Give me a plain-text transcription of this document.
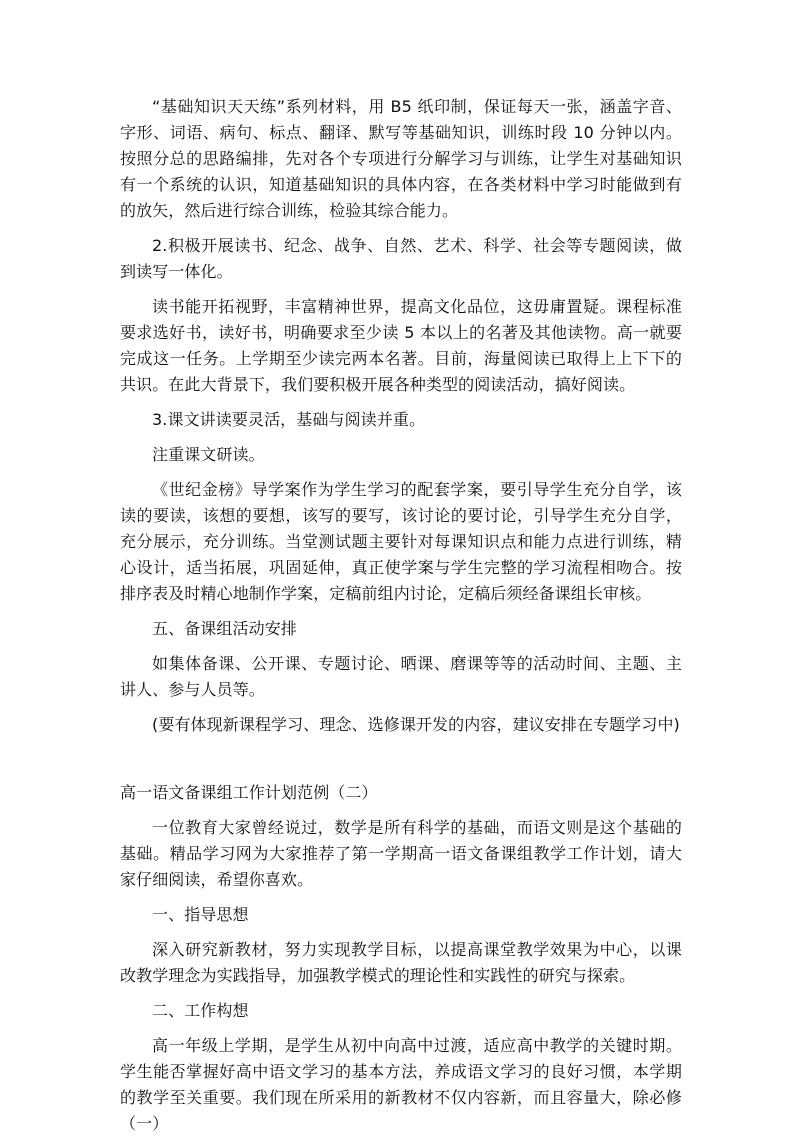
“基础知识天天练”系列材料，用 B5 纸印制，保证每天一张，涵盖字音、字形、词语、病句、标点、翻译、默写等基础知识，训练时段 10 分钟以内。按照分总的思路编排，先对各个专项进行分解学习与训练，让学生对基础知识有一个系统的认识，知道基础知识的具体内容，在各类材料中学习时能做到有的放矢，然后进行综合训练，检验其综合能力。

2.积极开展读书、纪念、战争、自然、艺术、科学、社会等专题阅读，做到读写一体化。

读书能开拓视野，丰富精神世界，提高文化品位，这毋庸置疑。课程标准要求选好书，读好书，明确要求至少读 5 本以上的名著及其他读物。高一就要完成这一任务。上学期至少读完两本名著。目前，海量阅读已取得上上下下的共识。在此大背景下，我们要积极开展各种类型的阅读活动，搞好阅读。

3.课文讲读要灵活，基础与阅读并重。

注重课文研读。

《世纪金榜》导学案作为学生学习的配套学案，要引导学生充分自学，该读的要读，该想的要想，该写的要写，该讨论的要讨论，引导学生充分自学，充分展示，充分训练。当堂测试题主要针对每课知识点和能力点进行训练，精心设计，适当拓展，巩固延伸，真正使学案与学生完整的学习流程相吻合。按排序表及时精心地制作学案，定稿前组内讨论，定稿后须经备课组长审核。

五、备课组活动安排

如集体备课、公开课、专题讨论、晒课、磨课等等的活动时间、主题、主讲人、参与人员等。

(要有体现新课程学习、理念、选修课开发的内容，建议安排在专题学习中)

高一语文备课组工作计划范例（二）

一位教育大家曾经说过，数学是所有科学的基础，而语文则是这个基础的基础。精品学习网为大家推荐了第一学期高一语文备课组教学工作计划，请大家仔细阅读，希望你喜欢。

一、指导思想

深入研究新教材，努力实现教学目标，以提高课堂教学效果为中心，以课改教学理念为实践指导，加强教学模式的理论性和实践性的研究与探索。

二、工作构想

高一年级上学期，是学生从初中向高中过渡，适应高中教学的关键时期。学生能否掌握好高中语文学习的基本方法，养成语文学习的良好习惯，本学期的教学至关重要。我们现在所采用的新教材不仅内容新，而且容量大，除必修（一）
